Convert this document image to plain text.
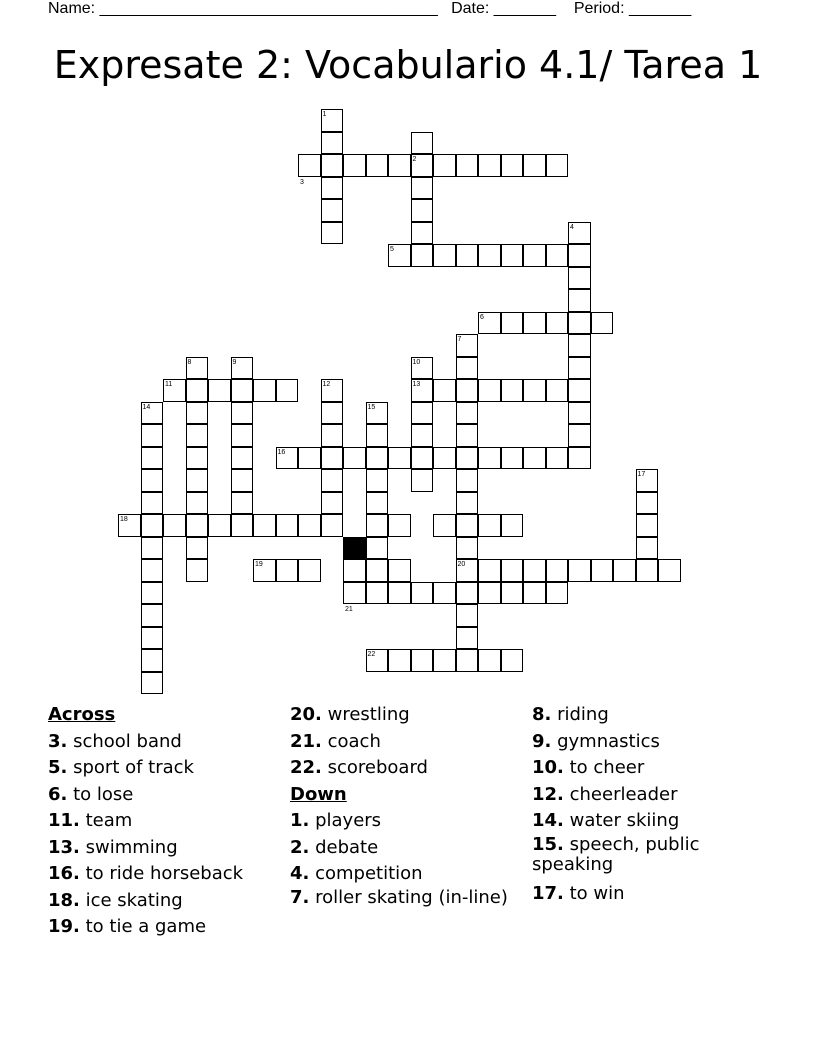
Name: ______________________________________ Date: _______ Period: _______
Expresate 2: Vocabulario 4.1/ Tarea 1
1
2
3
4
5
6
7
8	9	10
11	12	13
14	15
16
17
18
19	20
21
22
Across
3. school band
5. sport of track
6. to lose
11. team
13. swimming
16. to ride horseback
18. ice skating
19. to tie a game
20. wrestling
21. coach
22. scoreboard
Down
1. players
2. debate
4. competition
7. roller skating (in-line)
8. riding
9. gymnastics
10. to cheer
12. cheerleader
14. water skiing
15. speech, public speaking
17. to win
